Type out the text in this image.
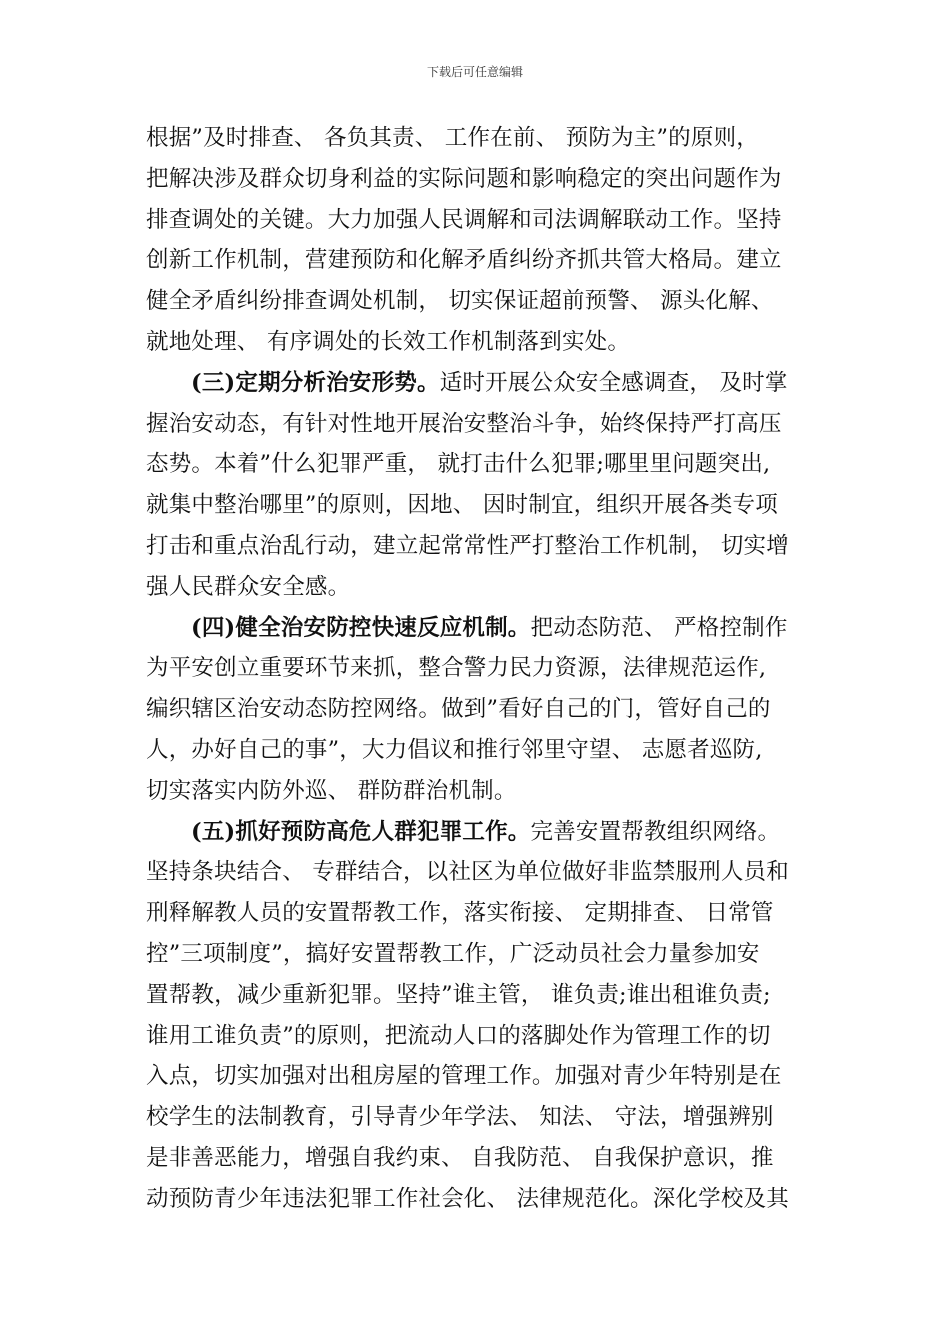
下载后可任意编辑
根据”及时排查、 各负其责、 工作在前、 预防为主”的原则，
把解决涉及群众切身利益的实际问题和影响稳定的突出问题作为
排查调处的关键。大力加强人民调解和司法调解联动工作。坚持
创新工作机制，营建预防和化解矛盾纠纷齐抓共管大格局。建立
健全矛盾纠纷排查调处机制， 切实保证超前预警、 源头化解、
就地处理、 有序调处的长效工作机制落到实处。
(三)定期分析治安形势。适时开展公众安全感调查， 及时掌
握治安动态，有针对性地开展治安整治斗争，始终保持严打高压
态势。本着”什么犯罪严重， 就打击什么犯罪;哪里里问题突出,
就集中整治哪里”的原则，因地、 因时制宜，组织开展各类专项
打击和重点治乱行动，建立起常常性严打整治工作机制， 切实增
强人民群众安全感。
(四)健全治安防控快速反应机制。把动态防范、 严格控制作
为平安创立重要环节来抓，整合警力民力资源，法律规范运作,
编织辖区治安动态防控网络。做到”看好自己的门，管好自己的
人，办好自己的事”，大力倡议和推行邻里守望、 志愿者巡防,
切实落实内防外巡、 群防群治机制。
(五)抓好预防高危人群犯罪工作。完善安置帮教组织网络。
坚持条块结合、 专群结合，以社区为单位做好非监禁服刑人员和
刑释解教人员的安置帮教工作，落实衔接、 定期排查、 日常管
控”三项制度”，搞好安置帮教工作，广泛动员社会力量参加安
置帮教，减少重新犯罪。坚持”谁主管， 谁负责;谁出租谁负责;
谁用工谁负责”的原则，把流动人口的落脚处作为管理工作的切
入点，切实加强对出租房屋的管理工作。加强对青少年特别是在
校学生的法制教育，引导青少年学法、 知法、 守法，增强辨别
是非善恶能力，增强自我约束、 自我防范、 自我保护意识，推
动预防青少年违法犯罪工作社会化、 法律规范化。深化学校及其
